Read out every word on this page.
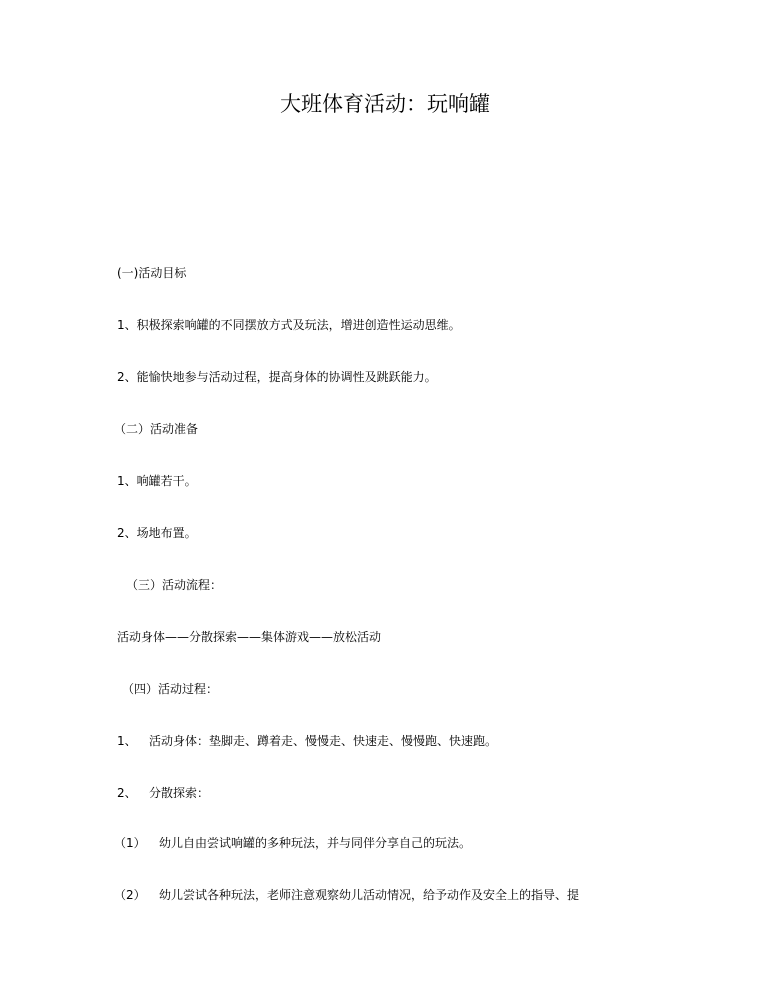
大班体育活动：玩响罐
(一)活动目标
1、积极探索响罐的不同摆放方式及玩法，增进创造性运动思维。
2、能愉快地参与活动过程，提高身体的协调性及跳跃能力。
（二）活动准备
1、响罐若干。
2、场地布置。
（三）活动流程：
活动身体——分散探索——集体游戏——放松活动
（四）活动过程：
1、 活动身体：垫脚走、蹲着走、慢慢走、快速走、慢慢跑、快速跑。
2、 分散探索：
（1） 幼儿自由尝试响罐的多种玩法，并与同伴分享自己的玩法。
（2） 幼儿尝试各种玩法，老师注意观察幼儿活动情况，给予动作及安全上的指导、提
